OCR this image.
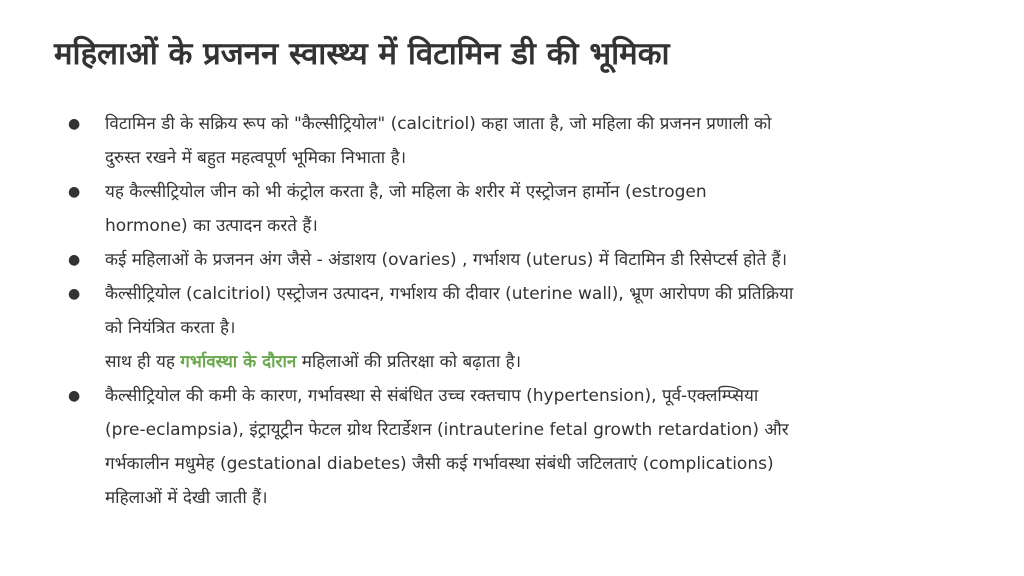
महिलाओं के प्रजनन स्वास्थ्य में विटामिन डी की भूमिका
● विटामिन डी के सक्रिय रूप को "कैल्सीट्रियोल" (calcitriol) कहा जाता है, जो महिला की प्रजनन प्रणाली को
दुरुस्त रखने में बहुत महत्वपूर्ण भूमिका निभाता है।
● यह कैल्सीट्रियोल जीन को भी कंट्रोल करता है, जो महिला के शरीर में एस्ट्रोजन हार्मोन (estrogen
hormone) का उत्पादन करते हैं।
● कई महिलाओं के प्रजनन अंग जैसे - अंडाशय (ovaries) , गर्भाशय (uterus) में विटामिन डी रिसेप्टर्स होते हैं।
● कैल्सीट्रियोल (calcitriol) एस्ट्रोजन उत्पादन, गर्भाशय की दीवार (uterine wall), भ्रूण आरोपण की प्रतिक्रिया
को नियंत्रित करता है।
साथ ही यह गर्भावस्था के दौरान महिलाओं की प्रतिरक्षा को बढ़ाता है।
● कैल्सीट्रियोल की कमी के कारण, गर्भावस्था से संबंधित उच्च रक्तचाप (hypertension), पूर्व-एक्लम्प्सिया
(pre-eclampsia), इंट्रायूट्रीन फेटल ग्रोथ रिटार्डेशन (intrauterine fetal growth retardation) और
गर्भकालीन मधुमेह (gestational diabetes) जैसी कई गर्भावस्था संबंधी जटिलताएं (complications)
महिलाओं में देखी जाती हैं।
